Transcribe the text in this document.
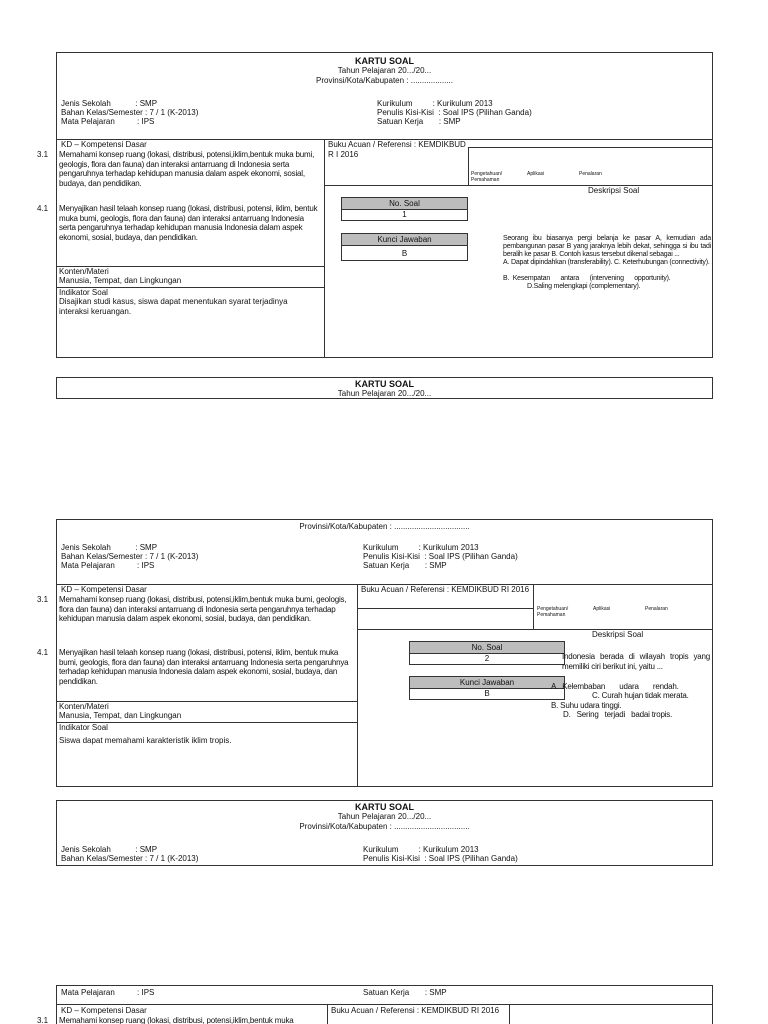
KARTU SOAL
Tahun Pelajaran 20.../20...
Provinsi/Kota/Kabupaten : ...................
Jenis Sekolah           : SMP
Bahan Kelas/Semester : 7 / 1 (K-2013)
Mata Pelajaran          : IPS
Kurikulum         : Kurikulum 2013
Penulis Kisi-Kisi  : Soal IPS (Pilihan Ganda)
Satuan Kerja       : SMP
KD – Kompetensi Dasar
3.1 Memahami konsep ruang (lokasi, distribusi, potensi,iklim,bentuk muka bumi, geologis, flora dan fauna) dan interaksi antarruang di Indonesia serta pengaruhnya terhadap kehidupan manusia dalam aspek ekonomi, sosial, budaya, dan pendidikan.
4.1 Menyajikan hasil telaah konsep ruang (lokasi, distribusi, potensi, iklim, bentuk muka bumi, geologis, flora dan fauna) dan interaksi antarruang Indonesia serta pengaruhnya terhadap kehidupan manusia Indonesia dalam aspek ekonomi, sosial, budaya, dan pendidikan.
Konten/Materi
Manusia, Tempat, dan Lingkungan
Indikator Soal
Disajikan studi kasus, siswa dapat menentukan syarat terjadinya interaksi keruangan.
Buku Acuan / Referensi : KEMDIKBUD R I 2016
Pengetahuan/ Pemahaman
Aplikasi	Penalaran
Deskripsi Soal
No. Soal
1
Kunci Jawaban
B
Seorang ibu biasanya pergi belanja ke pasar A, kemudian ada pembangunan pasar B yang jaraknya lebih dekat, sehingga si ibu tadi beralih ke pasar B. Contoh kasus tersebut dikenal sebagai ...
A. Dapat dipindahkan (transferability). C. Keterhubungan (connectivity).
B.  Kesempatan      antara      (intervening      opportunity).
D.Saling melengkapi (complementary).
KARTU SOAL
Tahun Pelajaran 20.../20...
Provinsi/Kota/Kabupaten : ..................................
Jenis Sekolah           : SMP
Bahan Kelas/Semester : 7 / 1 (K-2013)
Mata Pelajaran          : IPS
Kurikulum         : Kurikulum 2013
Penulis Kisi-Kisi  : Soal IPS (Pilihan Ganda)
Satuan Kerja       : SMP
KD – Kompetensi Dasar
3.1 Memahami konsep ruang (lokasi, distribusi, potensi,iklim,bentuk muka bumi, geologis, flora dan fauna) dan interaksi antarruang di Indonesia serta pengaruhnya terhadap kehidupan manusia dalam aspek ekonomi, sosial, budaya, dan pendidikan.
4.1 Menyajikan hasil telaah konsep ruang (lokasi, distribusi, potensi, iklim, bentuk muka bumi, geologis, flora dan fauna) dan interaksi antarruang Indonesia serta pengaruhnya terhadap kehidupan manusia Indonesia dalam aspek ekonomi, sosial, budaya, dan pendidikan.
Konten/Materi
Manusia, Tempat, dan Lingkungan
Indikator Soal
Siswa dapat memahami karakteristik iklim tropis.
Buku Acuan / Referensi : KEMDIKBUD RI 2016
Pengetahuan/ Pemahaman
Aplikasi	Penalaran
Deskripsi Soal
No. Soal
2
Kunci Jawaban
B
Indonesia berada di wilayah tropis yang memiliki ciri berikut ini, yaitu ...
A.  Kelembaban       udara       rendah.
C. Curah hujan tidak merata.
B. Suhu udara tinggi.
D.   Sering   terjadi   badai tropis.
KARTU SOAL
Tahun Pelajaran 20.../20...
Provinsi/Kota/Kabupaten : ..................................
Jenis Sekolah           : SMP
Bahan Kelas/Semester : 7 / 1 (K-2013)
Kurikulum         : Kurikulum 2013
Penulis Kisi-Kisi  : Soal IPS (Pilihan Ganda)
Mata Pelajaran          : IPS	Satuan Kerja       : SMP
KD – Kompetensi Dasar
3.1 Memahami konsep ruang (lokasi, distribusi, potensi,iklim,bentuk muka
Buku Acuan / Referensi : KEMDIKBUD RI 2016
